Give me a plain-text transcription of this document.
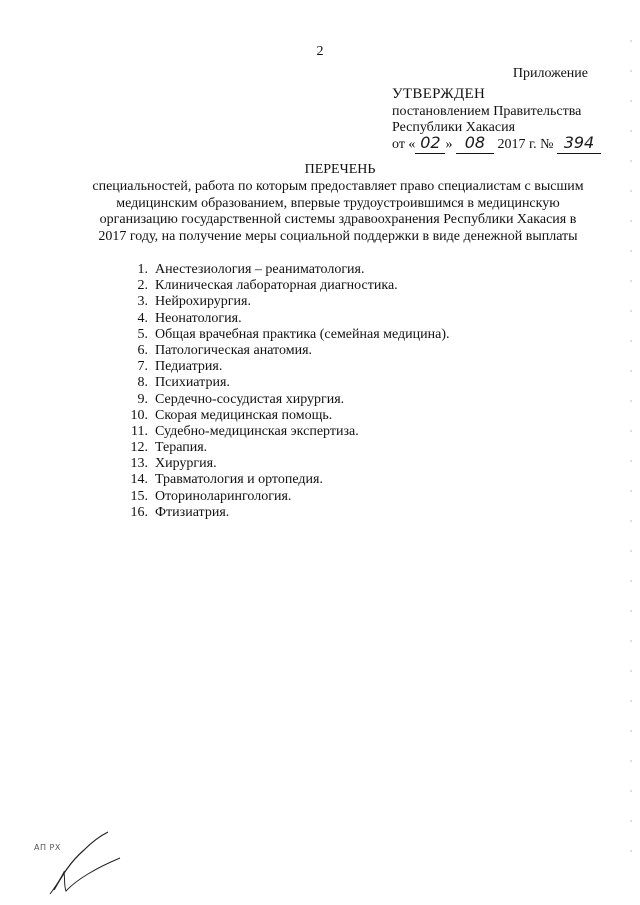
2
Приложение
УТВЕРЖДЕН
постановлением Правительства
Республики Хакасия
от « 02 » 08 2017 г. № 394
ПЕРЕЧЕНЬ
специальностей, работа по которым предоставляет право специалистам с высшим
медицинским образованием, впервые трудоустроившимся в медицинскую
организацию государственной системы здравоохранения Республики Хакасия в
2017 году, на получение меры социальной поддержки в виде денежной выплаты
1. Анестезиология – реаниматология.
2. Клиническая лабораторная диагностика.
3. Нейрохирургия.
4. Неонатология.
5. Общая врачебная практика (семейная медицина).
6. Патологическая анатомия.
7. Педиатрия.
8. Психиатрия.
9. Сердечно-сосудистая хирургия.
10. Скорая медицинская помощь.
11. Судебно-медицинская экспертиза.
12. Терапия.
13. Хирургия.
14. Травматология и ортопедия.
15. Оториноларингология.
16. Фтизиатрия.
АП РХ
